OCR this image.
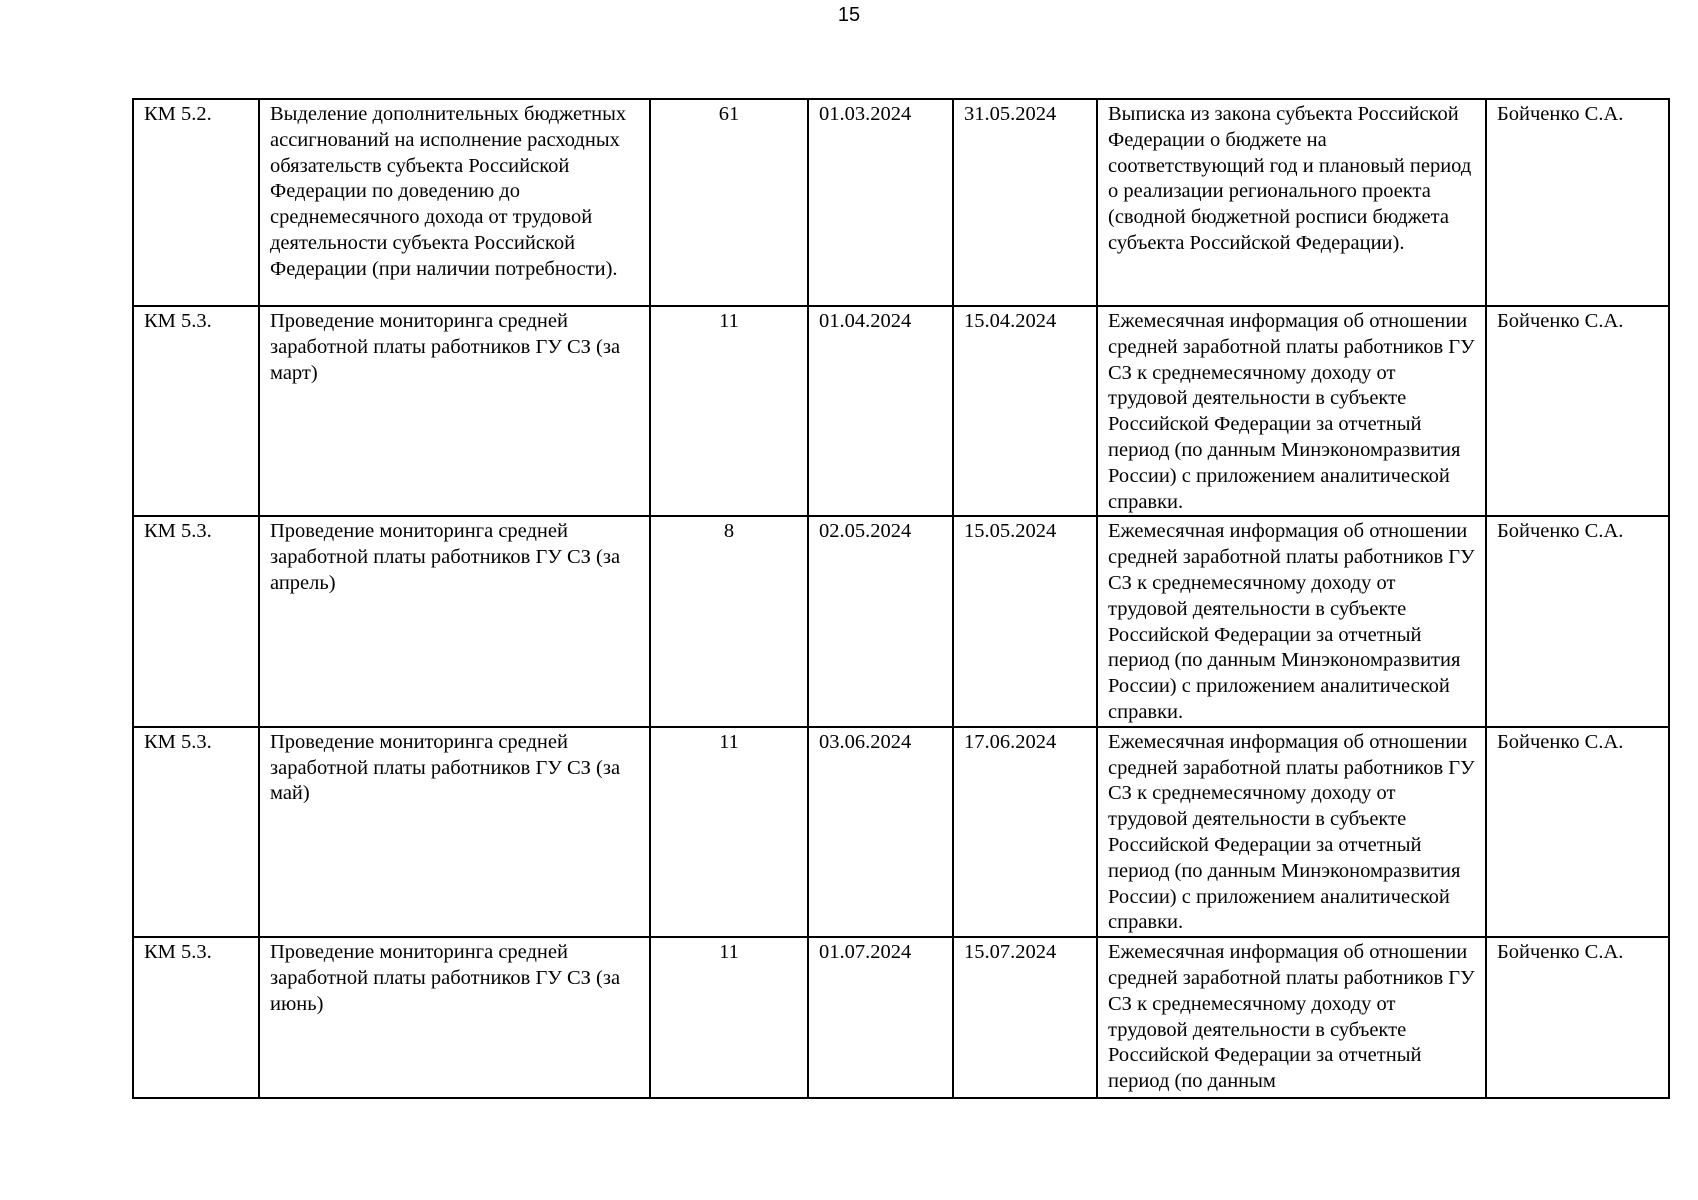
15
КМ 5.2.	Выделение дополнительных бюджетных ассигнований на исполнение расходных обязательств субъекта Российской Федерации по доведению до среднемесячного дохода от трудовой деятельности субъекта Российской Федерации (при наличии потребности).	61	01.03.2024	31.05.2024	Выписка из закона субъекта Российской Федерации о бюджете на соответствующий год и плановый период о реализации регионального проекта (сводной бюджетной росписи бюджета субъекта Российской Федерации).	Бойченко С.А.
КМ 5.3.	Проведение мониторинга средней заработной платы работников ГУ СЗ (за март)	11	01.04.2024	15.04.2024	Ежемесячная информация об отношении средней заработной платы работников ГУ СЗ к среднемесячному доходу от трудовой деятельности в субъекте Российской Федерации за отчетный период (по данным Минэкономразвития России) с приложением аналитической справки.	Бойченко С.А.
КМ 5.3.	Проведение мониторинга средней заработной платы работников ГУ СЗ (за апрель)	8	02.05.2024	15.05.2024	Ежемесячная информация об отношении средней заработной платы работников ГУ СЗ к среднемесячному доходу от трудовой деятельности в субъекте Российской Федерации за отчетный период (по данным Минэкономразвития России) с приложением аналитической справки.	Бойченко С.А.
КМ 5.3.	Проведение мониторинга средней заработной платы работников ГУ СЗ (за май)	11	03.06.2024	17.06.2024	Ежемесячная информация об отношении средней заработной платы работников ГУ СЗ к среднемесячному доходу от трудовой деятельности в субъекте Российской Федерации за отчетный период (по данным Минэкономразвития России) с приложением аналитической справки.	Бойченко С.А.
КМ 5.3.	Проведение мониторинга средней заработной платы работников ГУ СЗ (за июнь)	11	01.07.2024	15.07.2024	Ежемесячная информация об отношении средней заработной платы работников ГУ СЗ к среднемесячному доходу от трудовой деятельности в субъекте Российской Федерации за отчетный период (по данным	Бойченко С.А.
